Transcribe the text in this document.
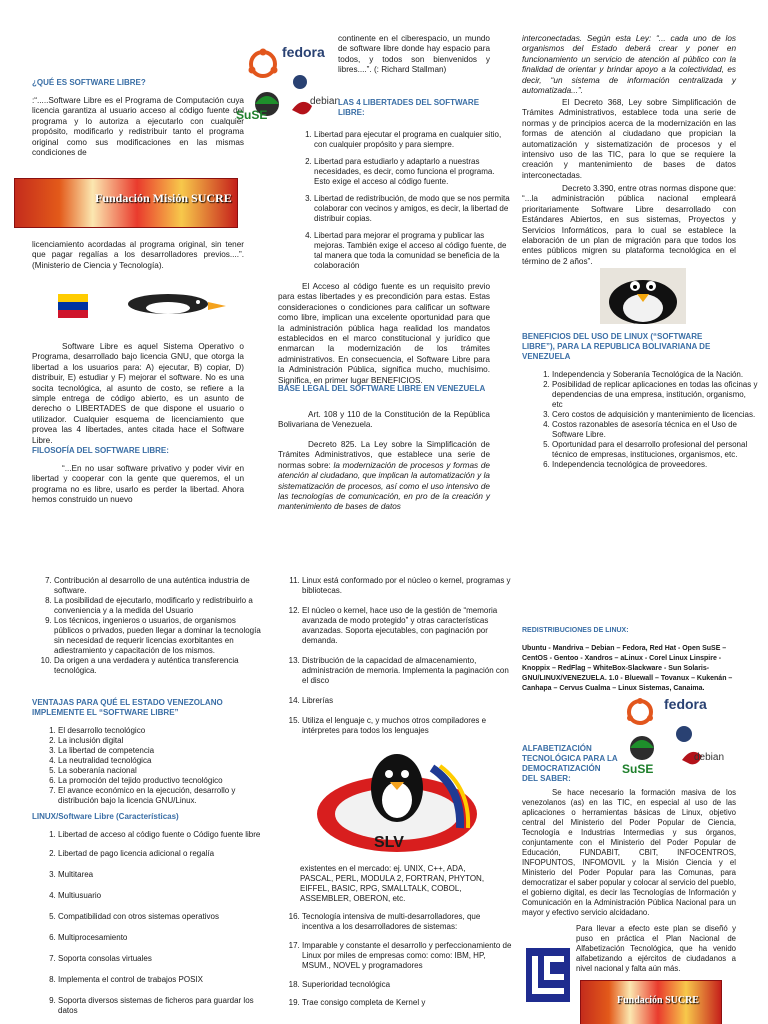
¿QUÉ ES SOFTWARE LIBRE?

:“.....Software Libre es el Programa de Computación cuya licencia garantiza al usuario acceso al código fuente del programa y lo autoriza a ejecutarlo con cualquier propósito, modificarlo y redistribuir tanto el programa original como sus modificaciones en las mismas condiciones de

fedora
SuSE
debian
Fundación Misión SUCRE

licenciamiento acordadas al programa original, sin tener que pagar regalías a los desarrolladores previos....”. (Ministerio de Ciencia y Tecnología).

Software Libre es aquel Sistema Operativo o Programa, desarrollado bajo licencia GNU, que otorga la libertad a los usuarios para: A) ejecutar, B) copiar, D) distribuir, E) estudiar y F) mejorar el software. No es una socita tecnológica, al asunto de costo, se refiere a la simple entrega de código abierto, es un asunto de derecho o LIBERTADES de que dispone el usuario o utilizador. Cualquier esquema de licenciamiento que provea las 4 libertades, antes citada hace el Software Libre.

FILOSOFÍA DEL SOFTWARE LIBRE:

“...En no usar software privativo y poder vivir en libertad y cooperar con la gente que queremos, el un programa no es libre, usarlo es perder la libertad. Ahora hemos construido un nuevo

continente en el ciberespacio, un mundo de software libre donde hay espacio para todos, y todos son bienvenidos y libres....”. (: Richard Stallman)

LAS 4 LIBERTADES DEL SOFTWARE LIBRE:

1. Libertad para ejecutar el programa en cualquier sitio, con cualquier propósito y para siempre.
2. Libertad para estudiarlo y adaptarlo a nuestras necesidades, es decir, como funciona el programa. Esto exige el acceso al código fuente.
3. Libertad de redistribución, de modo que se nos permita colaborar con vecinos y amigos, es decir, la libertad de distribuir copias.
4. Libertad para mejorar el programa y publicar las mejoras. También exige el acceso al código fuente, de tal manera que toda la comunidad se beneficia de la colaboración

El Acceso al código fuente es un requisito previo para estas libertades y es precondición para estas. Estas consideraciones o condiciones para calificar un software como libre, implican una excelente oportunidad para que la administración pública haga realidad los mandatos establecidos en el marco constitucional y jurídico que enmarcan la modernización de los trámites administrativos. En consecuencia, el Software Libre para la Administración Pública, significa mucho, muchísimo. Significa, en primer lugar BENEFICIOS.

BASE LEGAL DEL SOFTWARE LIBRE EN VENEZUELA

Art. 108 y 110 de la Constitución de la República Bolivariana de Venezuela.

Decreto 825. La Ley sobre la Simplificación de Trámites Administrativos, que establece una serie de normas sobre: la modernización de procesos y formas de atención al ciudadano, que implican la automatización y la sistematización de procesos, así como el uso intensivo de las tecnologías de comunicación, en pro de la creación y mantenimiento de bases de datos

interconectadas. Según esta Ley: “... cada uno de los organismos del Estado deberá crear y poner en funcionamiento un servicio de atención al público con la finalidad de orientar y brindar apoyo a la colectividad, es decir, “un sistema de información centralizada y automatizada...”.

El Decreto 368, Ley sobre Simplificación de Trámites Administrativos, establece toda una serie de normas y de principios acerca de la modernización en las formas de atención al ciudadano que propician la automatización y sistematización de procesos y el intensivo uso de las TIC, para lo que se requiere la creación y mantenimiento de bases de datos interconectadas.

Decreto 3.390, entre otras normas dispone que: “...la administración pública nacional empleará prioritariamente Software Libre desarrollado con Estándares Abiertos, en sus sistemas, Proyectos y Servicios Informáticos, para lo cual se establece la elaboración de un plan de migración para que todos los entes públicos migren su plataforma tecnológica en el término de 2 años”.

BENEFICIOS DEL USO DE LINUX (“SOFTWARE LIBRE”), PARA LA REPUBLICA BOLIVARIANA DE VENEZUELA

1. Independencia y Soberanía Tecnológica de la Nación.
2. Posibilidad de replicar aplicaciones en todas las oficinas y dependencias de una empresa, institución, organismo, etc
3. Cero costos de adquisición y mantenimiento de licencias.
4. Costos razonables de asesoría técnica en el Uso de Software Libre.
5. Oportunidad para el desarrollo profesional del personal técnico de empresas, instituciones, organismos, etc.
6. Independencia tecnológica de proveedores.
7. Contribución al desarrollo de una auténtica industria de software.
8. La posibilidad de ejecutarlo, modificarlo y redistribuirlo a conveniencia y a la medida del Usuario
9. Los técnicos, ingenieros o usuarios, de organismos públicos o privados, pueden llegar a dominar la tecnología sin necesidad de requerir licencias exorbitantes en adiestramiento y capacitación de los mismos.
10. Da origen a una verdadera y auténtica transferencia tecnológica.

VENTAJAS PARA QUÉ EL ESTADO VENEZOLANO IMPLEMENTE EL “SOFTWARE LIBRE”

1. El desarrollo tecnológico
2. La inclusión digital
3. La libertad de competencia
4. La neutralidad tecnológica
5. La soberanía nacional
6. La promoción del tejido productivo tecnológico
7. El avance económico en la ejecución, desarrollo y distribución bajo la licencia GNU/Linux.

LINUX/Software Libre (Características)

1. Libertad de acceso al código fuente o Código fuente libre
2. Libertad de pago licencia adicional o regalía
3. Multitarea
4. Multiusuario
5. Compatibilidad con otros sistemas operativos
6. Multiprocesamiento
7. Soporta consolas virtuales
8. Implementa el control de trabajos POSIX
9. Soporta diversos sistemas de ficheros para guardar los datos
11. Linux está conformado por el núcleo o kernel, programas y bibliotecas.
12. El núcleo o kernel, hace uso de la gestión de “memoria avanzada de modo protegido” y otras características avanzadas. Soporta ejecutables, con paginación por demanda.
13. Distribución de la capacidad de almacenamiento, administración de memoria. Implementa la paginación con el disco
14. Librerías
15. Utiliza el lenguaje c, y muchos otros compiladores e intérpretes para todos los lenguajes
SLV

existentes en el mercado: ej. UNIX, C++, ADA, PASCAL, PERL, MODULA 2, FORTRAN, PHYTON, EIFFEL, BASIC, RPG, SMALLTALK, COBOL, ASSEMBLER, OBERON, etc.

16. Tecnología intensiva de multi-desarrolladores, que incentiva a los desarrolladores de sistemas:
17. Imparable y constante el desarrollo y perfeccionamiento de Linux por miles de empresas como: como: IBM, HP, MSUM., NOVEL y programadores
18. Superioridad tecnológica
19. Trae consigo completa de Kernel y

REDISTRIBUCIONES DE LINUX:

Ubuntu - Mandriva – Debian – Fedora, Red Hat - Open SuSE – CentOS - Gentoo - Xandros – aLinux - Corel Linux Linspire - Knoppix – RedFlag – WhiteBox-Slackware - Sun Solaris-GNU/LINUX/VENEZUELA. 1.0 - Bluewall – Tovanux – Kukenán – Canhapa – Cervus Cualma – Linux Sistemas, Canaima.

fedora
SuSE
debian

ALFABETIZACIÓN TECNOLÓGICA PARA LA DEMOCRATIZACIÓN DEL SABER:

Se hace necesario la formación masiva de los venezolanos (as) en las TIC, en especial al uso de las aplicaciones o herramientas básicas de Linux, objetivo central del Ministerio del Poder Popular de Ciencia, Tecnología e Industrias Intermedias y sus órganos, conjuntamente con el Ministerio del Poder Popular de Educación, FUNDABIT, CBIT, INFOCENTROS, INFOPUNTOS, INFOMOVIL y la Misión Ciencia y el Ministerio del Poder Popular para las Comunas, para democratizar el saber popular y colocar al servicio del pueblo, el gobierno digital, es decir las Tecnologías de Información y Comunicación en la Administración Pública Nacional para un mayor y efectivo servicio alcidadano.

Para llevar a efecto este plan se diseñó y puso en práctica el Plan Nacional de Alfabetización Tecnológica, que ha venido alfabetizando a ejércitos de ciudadanos a nivel nacional y falta aún más.

Fundación SUCRE
